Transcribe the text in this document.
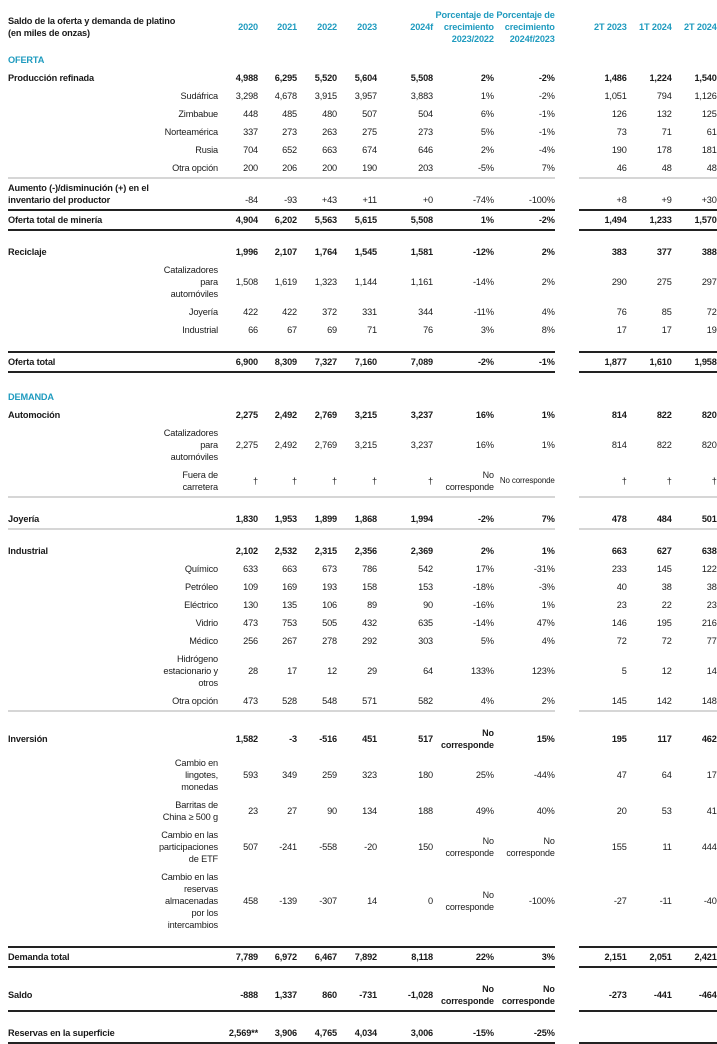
Saldo de la oferta y demanda de platino (en miles de onzas)	2020	2021	2022	2023	2024f	Porcentaje de crecimiento 2023/2022	Porcentaje de crecimiento 2024f/2023		2T 2023	1T 2024	2T 2024
OFERTA											
Producción refinada	4,988	6,295	5,520	5,604	5,508	2%	-2%		1,486	1,224	1,540

Sudáfrica	3,298	4,678	3,915	3,957	3,883	1%	-2%		1,051	794	1,126

Zimbabue	448	485	480	507	504	6%	-1%		126	132	125

Norteamérica	337	273	263	275	273	5%	-1%		73	71	61

Rusia	704	652	663	674	646	2%	-4%		190	178	181

Otra opción	200	206	200	190	203	-5%	7%		46	48	48

Aumento (-)/disminución (+) en el inventario del productor	-84	-93	+43	+11	+0	-74%	-100%		+8	+9	+30
Oferta total de minería	4,904	6,202	5,563	5,615	5,508	1%	-2%		1,494	1,233	1,570

Reciclaje	1,996	2,107	1,764	1,545	1,581	-12%	2%		383	377	388

Catalizadores para automóviles	1,508	1,619	1,323	1,144	1,161	-14%	2%		290	275	297

Joyería	422	422	372	331	344	-11%	4%		76	85	72

Industrial	66	67	69	71	76	3%	8%		17	17	19

Oferta total	6,900	8,309	7,327	7,160	7,089	-2%	-1%		1,877	1,610	1,958

DEMANDA											
Automoción	2,275	2,492	2,769	3,215	3,237	16%	1%		814	822	820

Catalizadores para automóviles	2,275	2,492	2,769	3,215	3,237	16%	1%		814	822	820

Fuera de carretera	†	†	†	†	†	No corresponde	No corresponde		†	†	†

Joyería	1,830	1,953	1,899	1,868	1,994	-2%	7%		478	484	501

Industrial	2,102	2,532	2,315	2,356	2,369	2%	1%		663	627	638

Químico	633	663	673	786	542	17%	-31%		233	145	122

Petróleo	109	169	193	158	153	-18%	-3%		40	38	38

Eléctrico	130	135	106	89	90	-16%	1%		23	22	23

Vidrio	473	753	505	432	635	-14%	47%		146	195	216

Médico	256	267	278	292	303	5%	4%		72	72	77

Hidrógeno estacionario y otros	28	17	12	29	64	133%	123%		5	12	14

Otra opción	473	528	548	571	582	4%	2%		145	142	148

Inversión	1,582	-3	-516	451	517	No corresponde	15%		195	117	462

Cambio en lingotes, monedas	593	349	259	323	180	25%	-44%		47	64	17

Barritas de China ≥ 500 g	23	27	90	134	188	49%	40%		20	53	41

Cambio en las participaciones de ETF	507	-241	-558	-20	150	No corresponde	No corresponde		155	11	444

Cambio en las reservas almacenadas por los intercambios	458	-139	-307	14	0	No corresponde	-100%		-27	-11	-40

Demanda total	7,789	6,972	6,467	7,892	8,118	22%	3%		2,151	2,051	2,421

Saldo	-888	1,337	860	-731	-1,028	No corresponde	No corresponde		-273	-441	-464

Reservas en la superficie	2,569**	3,906	4,765	4,034	3,006	-15%	-25%				
